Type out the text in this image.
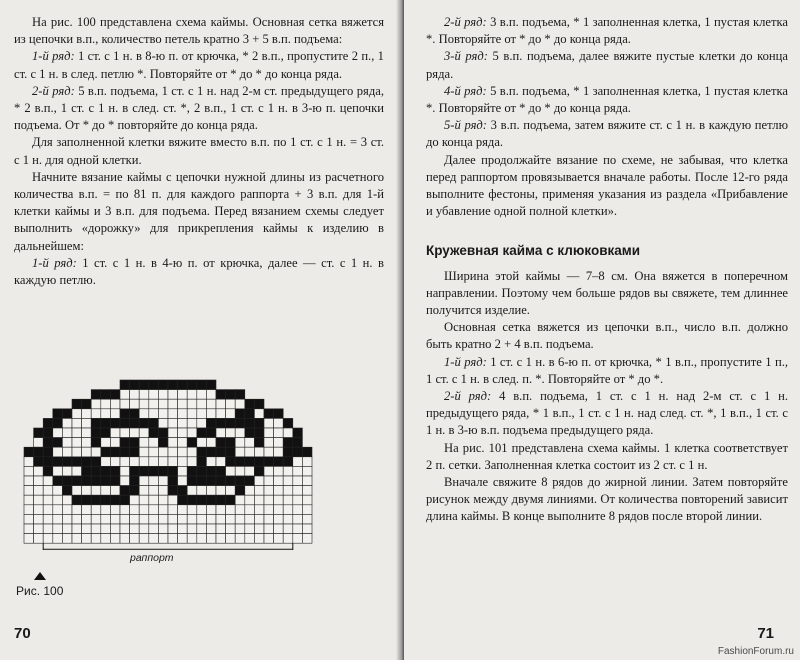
На рис. 100 представлена схема каймы. Основная сетка вяжется из цепочки в.п., количество петель кратно 3 + 5 в.п. подъема:

1-й ряд: 1 ст. с 1 н. в 8-ю п. от крючка, * 2 в.п., пропустите 2 п., 1 ст. с 1 н. в след. петлю *. Повторяйте от * до * до конца ряда.

2-й ряд: 5 в.п. подъема, 1 ст. с 1 н. над 2-м ст. предыдущего ряда, * 2 в.п., 1 ст. с 1 н. в след. ст. *, 2 в.п., 1 ст. с 1 н. в 3-ю п. цепочки подъема. От * до * повторяйте до конца ряда.

Для заполненной клетки вяжите вместо в.п. по 1 ст. с 1 н. = 3 ст. с 1 н. для одной клетки.

Начните вязание каймы с цепочки нужной длины из расчетного количества в.п. = по 81 п. для каждого раппорта + 3 в.п. для 1-й клетки каймы и 3 в.п. для подъема. Перед вязанием схемы следует выполнить «дорожку» для прикрепления каймы к изделию в дальнейшем:

1-й ряд: 1 ст. с 1 н. в 4-ю п. от крючка, далее — ст. с 1 н. в каждую петлю.

раппорт
Рис. 100
70

2-й ряд: 3 в.п. подъема, * 1 заполненная клетка, 1 пустая клетка *. Повторяйте от * до * до конца ряда.

3-й ряд: 5 в.п. подъема, далее вяжите пустые клетки до конца ряда.

4-й ряд: 5 в.п. подъема, * 1 заполненная клетка, 1 пустая клетка *. Повторяйте от * до * до конца ряда.

5-й ряд: 3 в.п. подъема, затем вяжите ст. с 1 н. в каждую петлю до конца ряда.

Далее продолжайте вязание по схеме, не забывая, что клетка перед раппортом провязывается вначале работы. После 12-го ряда выполните фестоны, применяя указания из раздела «Прибавление и убавление одной полной клетки».

Кружевная кайма с клюковками

Ширина этой каймы — 7–8 см. Она вяжется в поперечном направлении. Поэтому чем больше рядов вы свяжете, тем длиннее получится изделие.

Основная сетка вяжется из цепочки в.п., число в.п. должно быть кратно 2 + 4 в.п. подъема.

1-й ряд: 1 ст. с 1 н. в 6-ю п. от крючка, * 1 в.п., пропустите 1 п., 1 ст. с 1 н. в след. п. *. Повторяйте от * до *.

2-й ряд: 4 в.п. подъема, 1 ст. с 1 н. над 2-м ст. с 1 н. предыдущего ряда, * 1 в.п., 1 ст. с 1 н. над след. ст. *, 1 в.п., 1 ст. с 1 н. в 3-ю в.п. подъема предыдущего ряда.

На рис. 101 представлена схема каймы. 1 клетка соответствует 2 п. сетки. Заполненная клетка состоит из 2 ст. с 1 н.

Вначале свяжите 8 рядов до жирной линии. Затем повторяйте рисунок между двумя линиями. От количества повторений зависит длина каймы. В конце выполните 8 рядов после второй линии.

71
FashionForum.ru
